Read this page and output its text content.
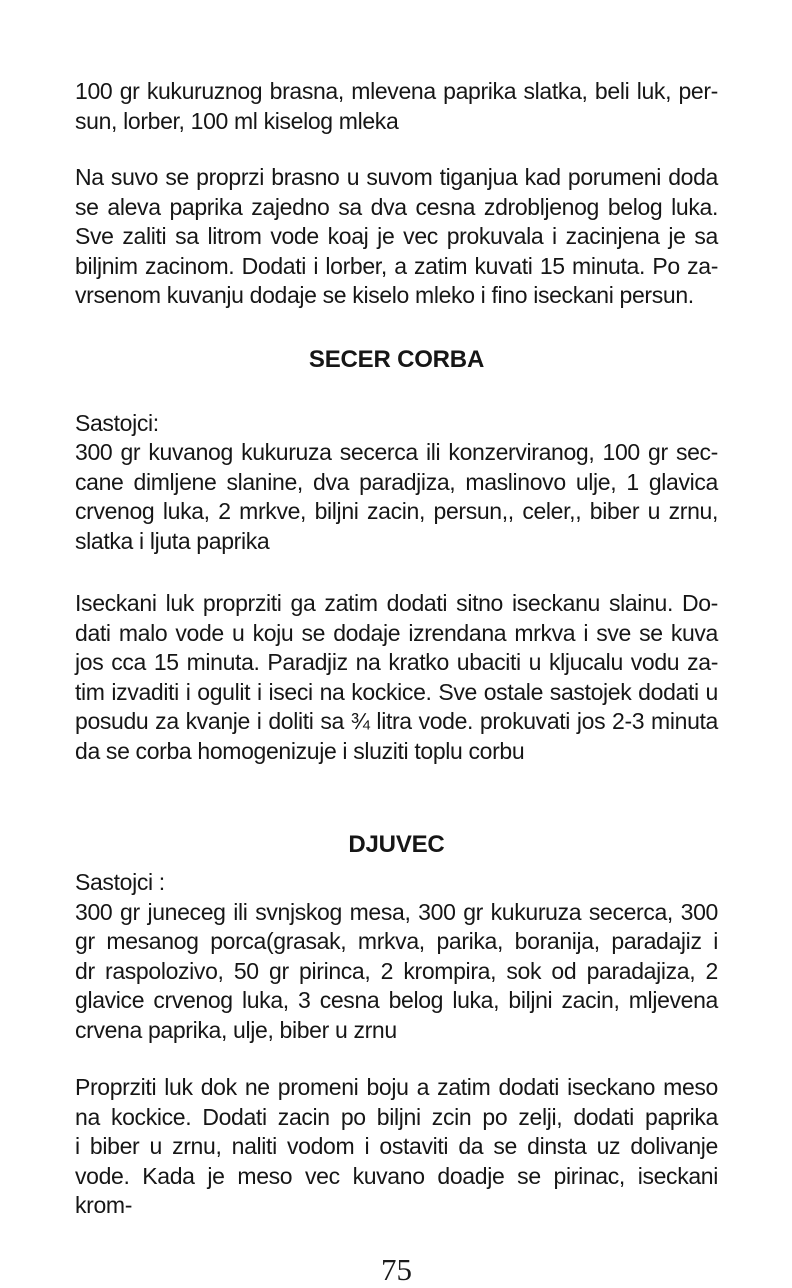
100 gr kukuruznog brasna, mlevena paprika slatka, beli luk, per-
sun, lorber, 100 ml kiselog mleka
Na suvo se proprzi brasno u suvom tiganjua kad porumeni doda
se aleva paprika zajedno sa dva cesna zdrobljenog belog luka.
Sve zaliti sa litrom vode koaj je vec prokuvala i zacinjena je sa
biljnim zacinom. Dodati i lorber, a zatim kuvati 15 minuta. Po za-
vrsenom kuvanju dodaje se kiselo mleko i fino iseckani persun.
SECER CORBA
Sastojci:
300 gr kuvanog kukuruza secerca ili konzerviranog, 100 gr sec-
cane dimljene slanine, dva paradjiza, maslinovo ulje, 1 glavica
crvenog luka, 2 mrkve, biljni zacin, persun,, celer,, biber u zrnu,
slatka i ljuta paprika
Iseckani luk proprziti ga zatim dodati sitno iseckanu slainu. Do-
dati malo vode u koju se dodaje izrendana mrkva i sve se kuva
jos cca 15 minuta. Paradjiz na kratko ubaciti u kljucalu vodu za-
tim izvaditi i ogulit i iseci na kockice. Sve ostale sastojek dodati u
posudu za kvanje i doliti sa ¾ litra vode. prokuvati jos 2-3 minuta
da se corba homogenizuje i sluziti toplu corbu
DJUVEC
Sastojci :
300 gr juneceg ili svnjskog mesa, 300 gr kukuruza secerca, 300
gr mesanog porca(grasak, mrkva, parika, boranija, paradajiz i
dr raspolozivo, 50 gr pirinca, 2 krompira, sok od paradajiza, 2
glavice crvenog luka, 3 cesna belog luka, biljni zacin, mljevena
crvena paprika, ulje, biber u zrnu
Proprziti luk dok ne promeni boju a zatim dodati iseckano meso
na kockice. Dodati zacin po biljni zcin po zelji, dodati paprika
i biber u zrnu, naliti vodom i ostaviti da se dinsta uz dolivanje
vode. Kada je meso vec kuvano doadje se pirinac, iseckani krom-
75
